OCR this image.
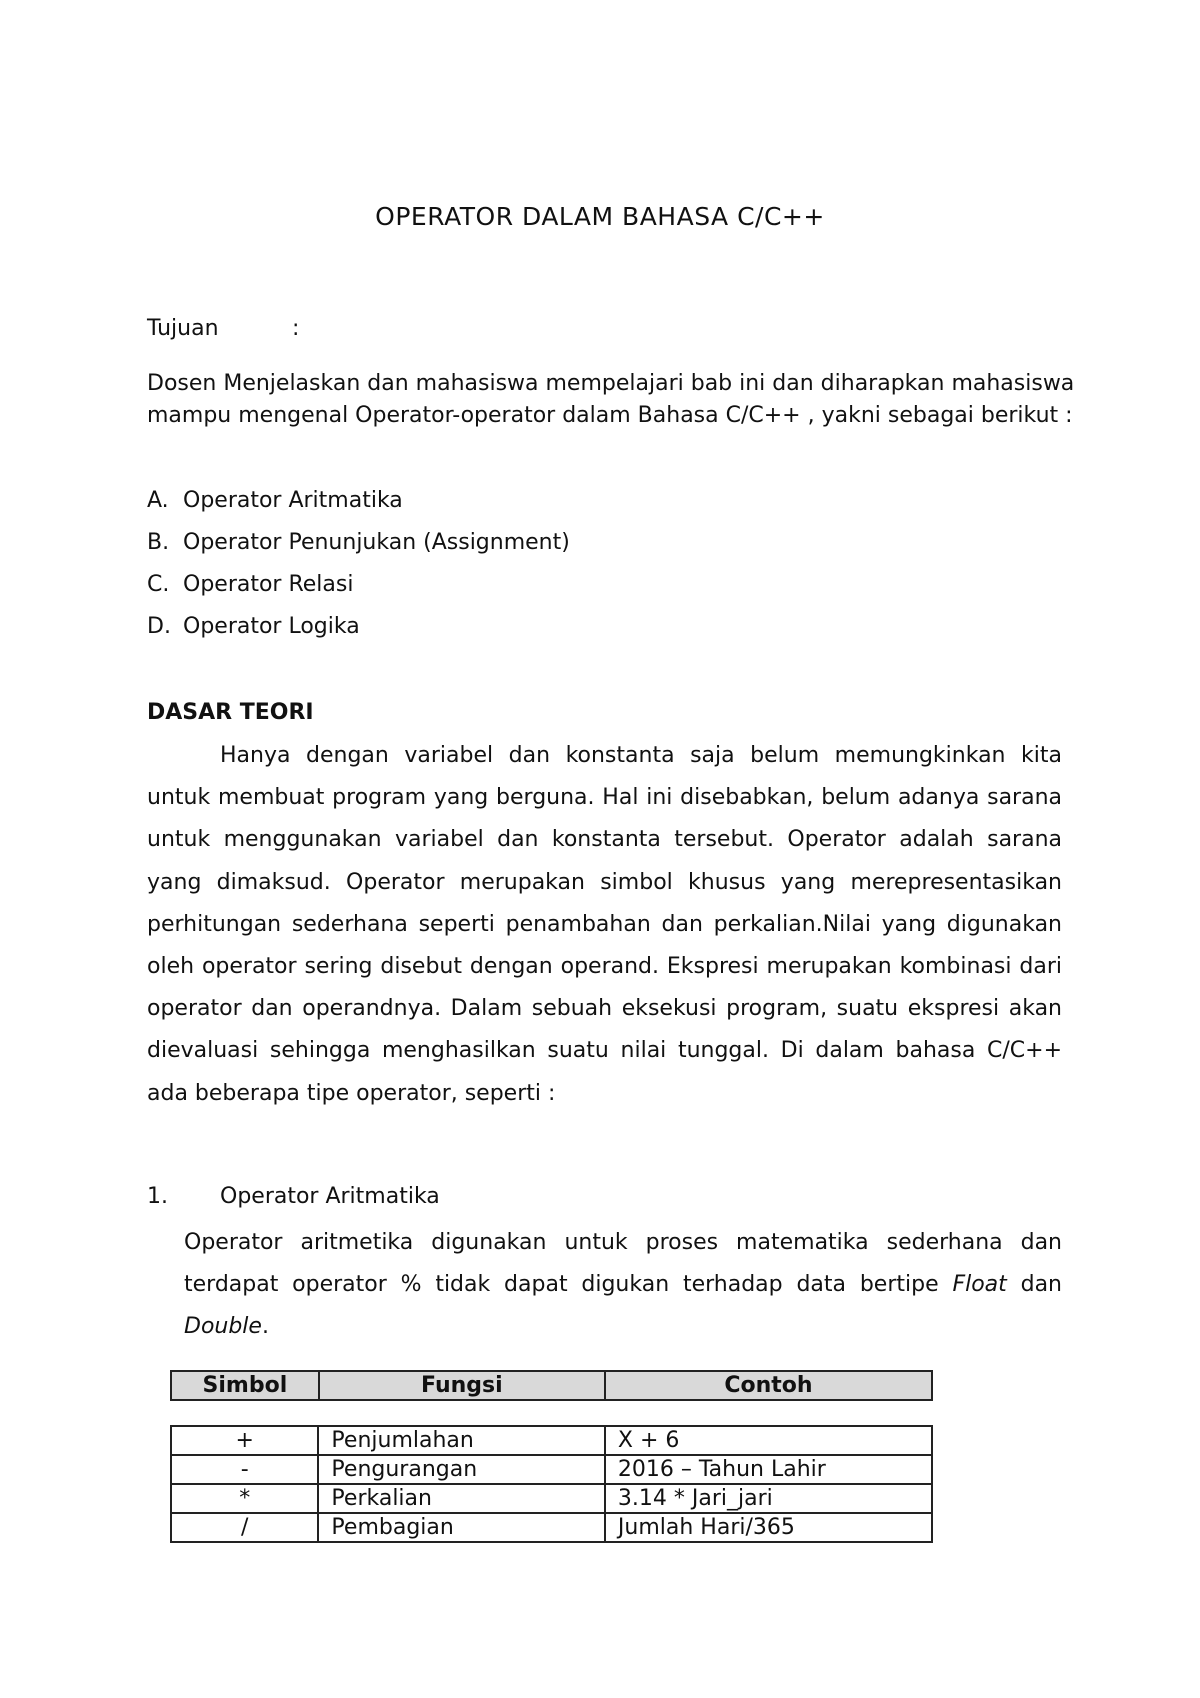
OPERATOR DALAM BAHASA C/C++
Tujuan	:
Dosen Menjelaskan dan mahasiswa mempelajari bab ini dan diharapkan mahasiswa mampu mengenal Operator-operator dalam Bahasa C/C++ , yakni sebagai berikut :
A. Operator Aritmatika
B. Operator Penunjukan (Assignment)
C. Operator Relasi
D. Operator Logika
DASAR TEORI
Hanya dengan variabel dan konstanta saja belum memungkinkan kita untuk membuat program yang berguna. Hal ini disebabkan, belum adanya sarana untuk menggunakan variabel dan konstanta tersebut. Operator adalah sarana yang dimaksud. Operator merupakan simbol khusus yang merepresentasikan perhitungan sederhana seperti penambahan dan perkalian.Nilai yang digunakan oleh operator sering disebut dengan operand. Ekspresi merupakan kombinasi dari operator dan operandnya. Dalam sebuah eksekusi program, suatu ekspresi akan dievaluasi sehingga menghasilkan suatu nilai tunggal. Di dalam bahasa C/C++ ada beberapa tipe operator, seperti :
1. Operator Aritmatika
Operator aritmetika digunakan untuk proses matematika sederhana dan terdapat operator % tidak dapat digukan terhadap data bertipe Float dan Double.
Simbol	Fungsi	Contoh
+	Penjumlahan	X + 6
-	Pengurangan	2016 – Tahun Lahir
*	Perkalian	3.14 * Jari_jari
/	Pembagian	Jumlah Hari/365
